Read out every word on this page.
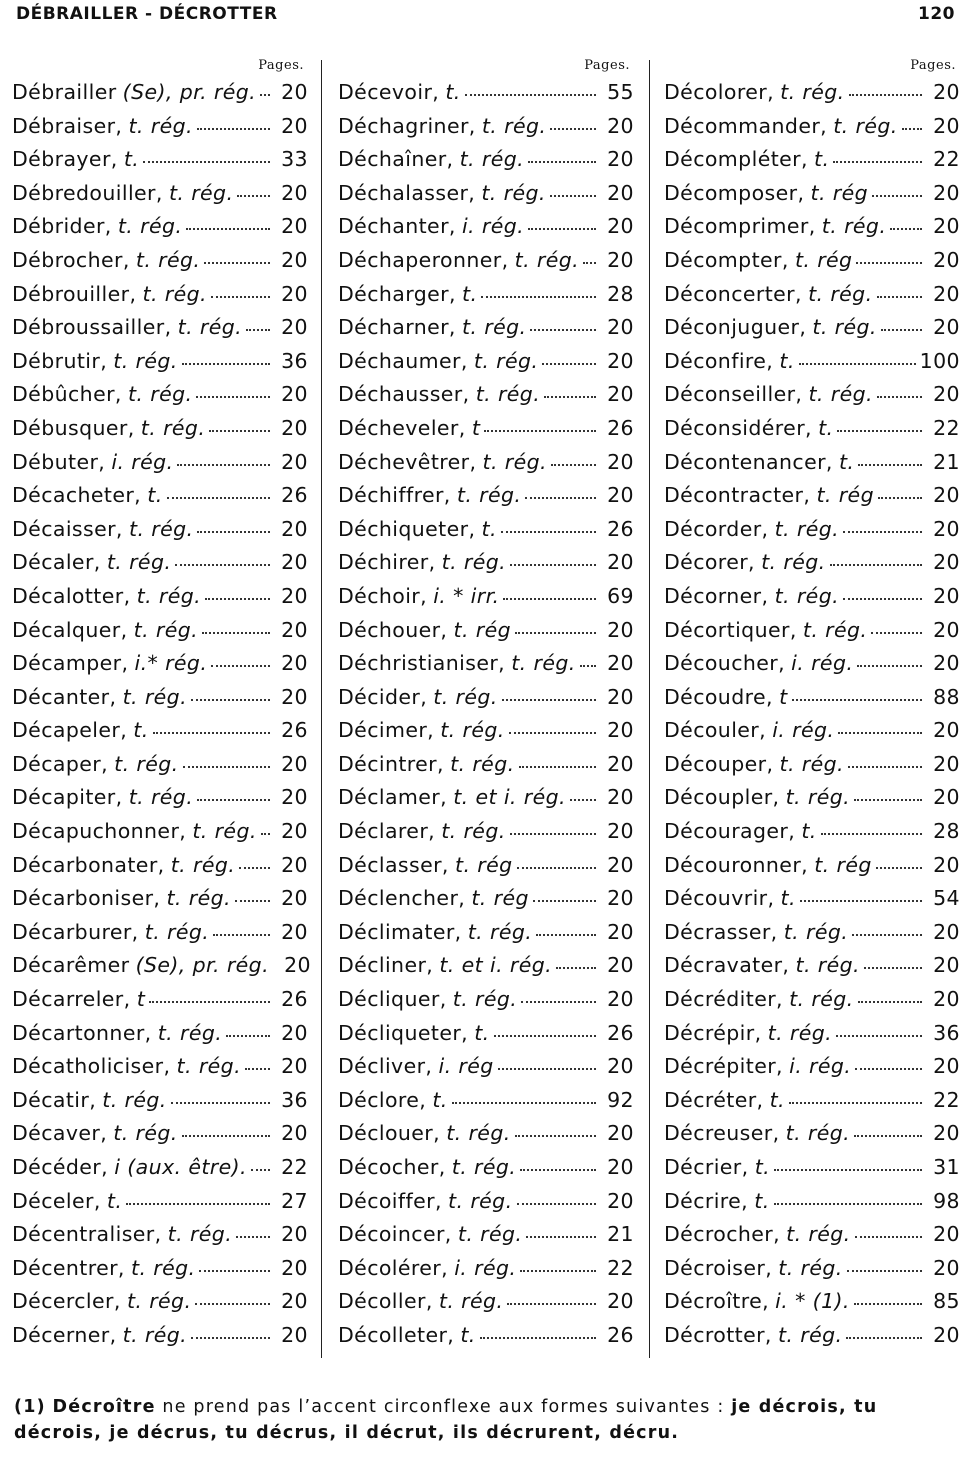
DÉBRAILLER - DÉCROTTER	120
Pages.
Débrailler (Se), pr. rég.	20
Débraiser, t. rég.	20
Débrayer, t.	33
Débredouiller, t. rég.	20
Débrider, t. rég.	20
Débrocher, t. rég.	20
Débrouiller, t. rég.	20
Débroussailler, t. rég.	20
Débrutir, t. rég.	36
Débûcher, t. rég.	20
Débusquer, t. rég.	20
Débuter, i. rég.	20
Décacheter, t.	26
Décaisser, t. rég.	20
Décaler, t. rég.	20
Décalotter, t. rég.	20
Décalquer, t. rég.	20
Décamper, i.* rég.	20
Décanter, t. rég.	20
Décapeler, t.	26
Décaper, t. rég.	20
Décapiter, t. rég.	20
Décapuchonner, t. rég.	20
Décarbonater, t. rég.	20
Décarboniser, t. rég.	20
Décarburer, t. rég.	20
Décarêmer (Se), pr. rég. 20
Décarreler, t	26
Décartonner, t. rég.	20
Décatholiciser, t. rég.	20
Décatir, t. rég.	36
Décaver, t. rég.	20
Décéder, i (aux. être).	22
Déceler, t.	27
Décentraliser, t. rég.	20
Décentrer, t. rég.	20
Décercler, t. rég.	20
Décerner, t. rég.	20
Pages.
Décevoir, t.	55
Déchagriner, t. rég.	20
Déchaîner, t. rég.	20
Déchalasser, t. rég.	20
Déchanter, i. rég.	20
Déchaperonner, t. rég.	20
Décharger, t.	28
Décharner, t. rég.	20
Déchaumer, t. rég.	20
Déchausser, t. rég.	20
Décheveler, t	26
Déchevêtrer, t. rég.	20
Déchiffrer, t. rég.	20
Déchiqueter, t.	26
Déchirer, t. rég.	20
Déchoir, i. * irr.	69
Déchouer, t. rég	20
Déchristianiser, t. rég.	20
Décider, t. rég.	20
Décimer, t. rég.	20
Décintrer, t. rég.	20
Déclamer, t. et i. rég.	20
Déclarer, t. rég.	20
Déclasser, t. rég	20
Déclencher, t. rég	20
Déclimater, t. rég.	20
Décliner, t. et i. rég.	20
Décliquer, t. rég.	20
Décliqueter, t.	26
Décliver, i. rég	20
Déclore, t.	92
Déclouer, t. rég.	20
Décocher, t. rég.	20
Décoiffer, t. rég.	20
Décoincer, t. rég.	21
Décolérer, i. rég.	22
Décoller, t. rég.	20
Décolleter, t.	26
Pages.
Décolorer, t. rég.	20
Décommander, t. rég.	20
Décompléter, t.	22
Décomposer, t. rég	20
Décomprimer, t. rég.	20
Décompter, t. rég	20
Déconcerter, t. rég.	20
Déconjuguer, t. rég.	20
Déconfire, t.	100
Déconseiller, t. rég.	20
Déconsidérer, t.	22
Décontenancer, t.	21
Décontracter, t. rég	20
Décorder, t. rég.	20
Décorer, t. rég.	20
Décorner, t. rég.	20
Décortiquer, t. rég.	20
Découcher, i. rég.	20
Découdre, t	88
Découler, i. rég.	20
Découper, t. rég.	20
Découpler, t. rég.	20
Décourager, t.	28
Découronner, t. rég	20
Découvrir, t.	54
Décrasser, t. rég.	20
Décravater, t. rég.	20
Décréditer, t. rég.	20
Décrépir, t. rég.	36
Décrépiter, i. rég.	20
Décréter, t.	22
Décreuser, t. rég.	20
Décrier, t.	31
Décrire, t.	98
Décrocher, t. rég.	20
Décroiser, t. rég.	20
Décroître, i. * (1).	85
Décrotter, t. rég.	20
(1) Décroître ne prend pas l’accent circonflexe aux formes suivantes : je décrois, tu décrois, je décrus, tu décrus, il décrut, ils décrurent, décru.
